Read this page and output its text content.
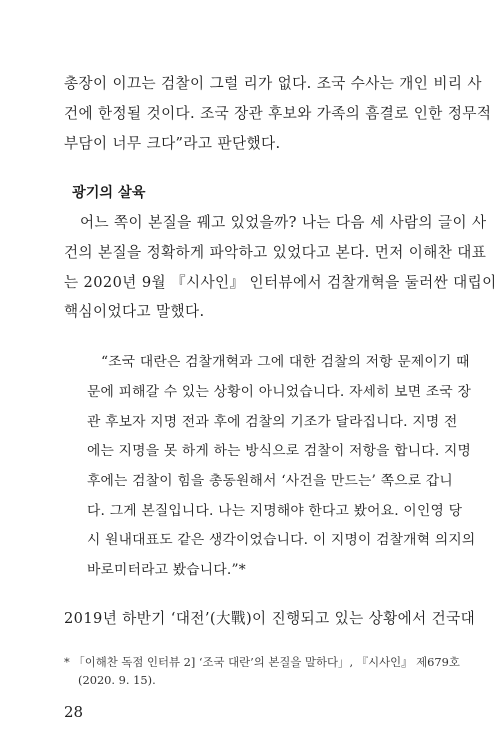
총장이 이끄는 검찰이 그럴 리가 없다. 조국 수사는 개인 비리 사
건에 한정될 것이다. 조국 장관 후보와 가족의 흠결로 인한 정무적
부담이 너무 크다”라고 판단했다.
광기의 살육
어느 쪽이 본질을 꿰고 있었을까? 나는 다음 세 사람의 글이 사
건의 본질을 정확하게 파악하고 있었다고 본다. 먼저 이해찬 대표
는 2020년 9월 『시사인』 인터뷰에서 검찰개혁을 둘러싼 대립이
핵심이었다고 말했다.
“조국 대란은 검찰개혁과 그에 대한 검찰의 저항 문제이기 때
문에 피해갈 수 있는 상황이 아니었습니다. 자세히 보면 조국 장
관 후보자 지명 전과 후에 검찰의 기조가 달라집니다. 지명 전
에는 지명을 못 하게 하는 방식으로 검찰이 저항을 합니다. 지명
후에는 검찰이 힘을 총동원해서 ‘사건을 만드는’ 쪽으로 갑니
다. 그게 본질입니다. 나는 지명해야 한다고 봤어요. 이인영 당
시 원내대표도 같은 생각이었습니다. 이 지명이 검찰개혁 의지의
바로미터라고 봤습니다.”*
2019년 하반기 ‘대전’(大戰)이 진행되고 있는 상황에서 건국대
* 「이해찬 독점 인터뷰 2] ‘조국 대란’의 본질을 말하다」, 『시사인』 제679호
(2020. 9. 15).
28
